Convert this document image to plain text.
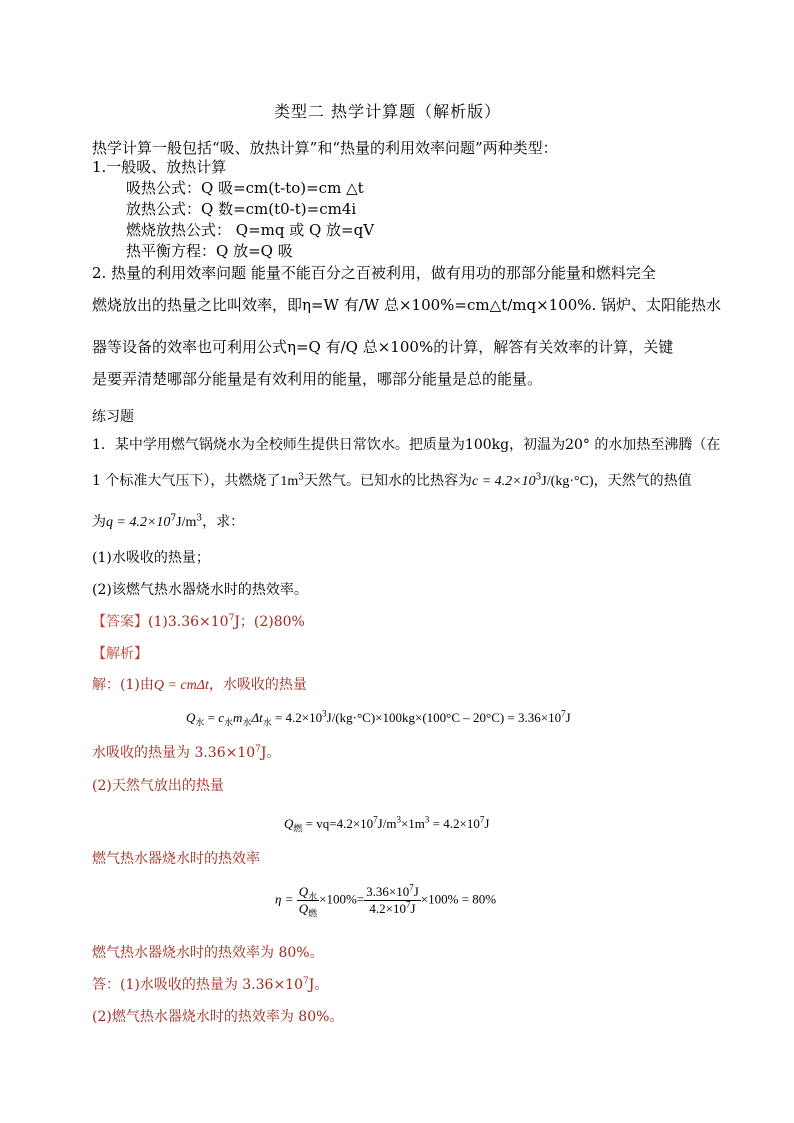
类型二 热学计算题（解析版）
热学计算一般包括“吸、放热计算”和“热量的利用效率问题”两种类型：
1.一般吸、放热计算
吸热公式：Q 吸=cm(t-to)=cm △t
放热公式：Q 数=cm(t0-t)=cm4i
燃烧放热公式： Q=mq 或 Q 放=qV
热平衡方程：Q 放=Q 吸
2. 热量的利用效率问题 能量不能百分之百被利用，做有用功的那部分能量和燃料完全
燃烧放出的热量之比叫效率，即η=W 有/W 总×100%=cm△t/mq×100%. 锅炉、太阳能热水
器等设备的效率也可利用公式η=Q 有/Q 总×100%的计算，解答有关效率的计算，关键
是要弄清楚哪部分能量是有效利用的能量，哪部分能量是总的能量。
练习题
1．某中学用燃气锅烧水为全校师生提供日常饮水。把质量为100kg，初温为20° 的水加热至沸腾（在
1 个标准大气压下），共燃烧了$1m^3$天然气。已知水的比热容为$c = 4.2\times 10^3J/(kg\cdot^\circ C)$，天然气的热值
为$q = 4.2\times 10^7J/m^3$，求：
(1)水吸收的热量；
(2)该燃气热水器烧水时的热效率。
【答案】$(1)3.36\times 10^7J$；(2)80%
【解析】
解：(1)由Q = cmΔt，水吸收的热量
$Q_水 = c_水m_水\Delta t_水 = 4.2\times 10^3J/(kg\cdot^\circ C)\times 100kg\times(100^\circ C - 20^\circ C) = 3.36\times 10^7J$
水吸收的热量为 $3.36\times 10^7J$。
(2)天然气放出的热量
$Q_燃 = vq=4.2\times 10^7J/m^3\times 1m^3 = 4.2\times 10^7J$
燃气热水器烧水时的热效率
$\eta = \frac{Q_水}{Q_燃} \times 100\%= \frac{3.36\times 10^7J}{4.2\times 10^7J} \times 100\% = 80\%$
燃气热水器烧水时的热效率为 80%。
答：(1)水吸收的热量为 $3.36\times 10^7J$。
(2)燃气热水器烧水时的热效率为 80%。
